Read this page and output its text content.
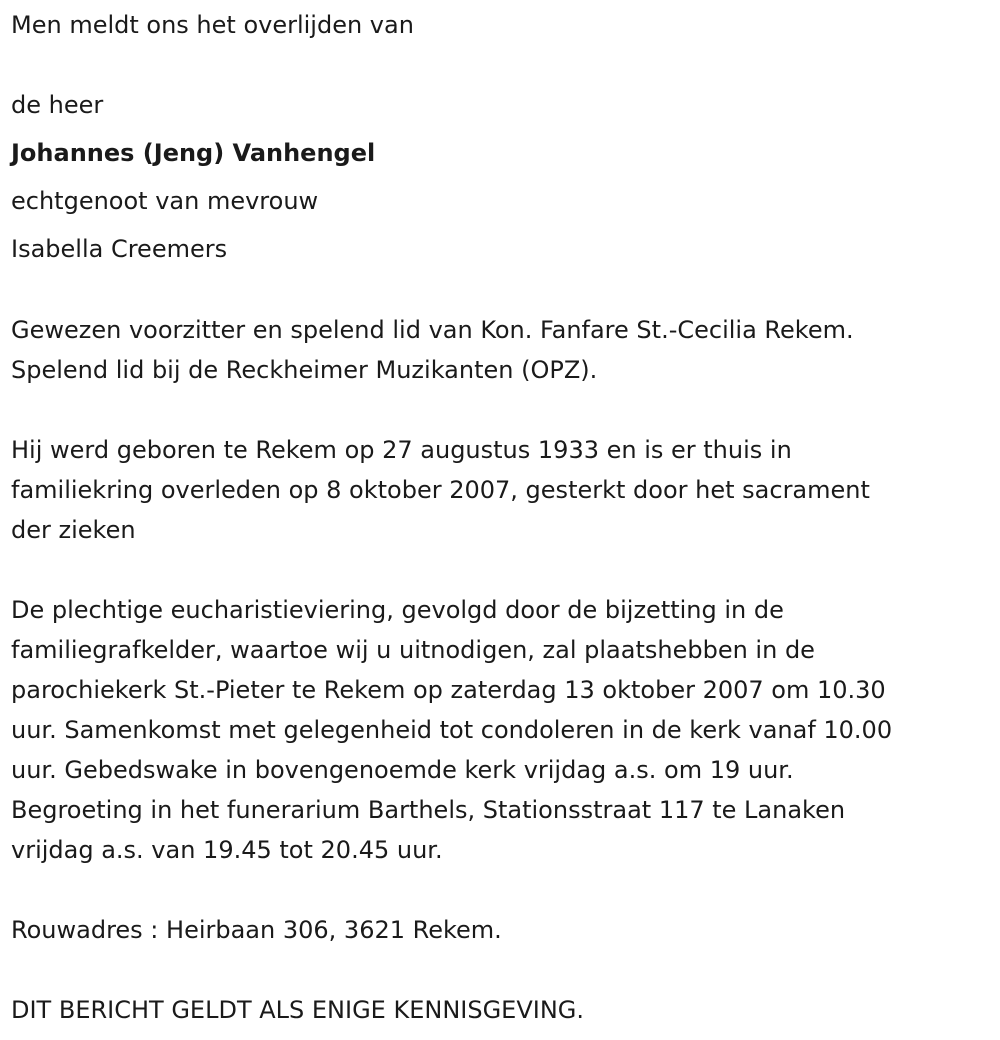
Men meldt ons het overlijden van
de heer
Johannes (Jeng) Vanhengel
echtgenoot van mevrouw
Isabella Creemers
Gewezen voorzitter en spelend lid van Kon. Fanfare St.-Cecilia Rekem.
Spelend lid bij de Reckheimer Muzikanten (OPZ).
Hij werd geboren te Rekem op 27 augustus 1933 en is er thuis in
familiekring overleden op 8 oktober 2007, gesterkt door het sacrament
der zieken
De plechtige eucharistieviering, gevolgd door de bijzetting in de
familiegrafkelder, waartoe wij u uitnodigen, zal plaatshebben in de
parochiekerk St.-Pieter te Rekem op zaterdag 13 oktober 2007 om 10.30
uur. Samenkomst met gelegenheid tot condoleren in de kerk vanaf 10.00
uur. Gebedswake in bovengenoemde kerk vrijdag a.s. om 19 uur.
Begroeting in het funerarium Barthels, Stationsstraat 117 te Lanaken
vrijdag a.s. van 19.45 tot 20.45 uur.
Rouwadres : Heirbaan 306, 3621 Rekem.
DIT BERICHT GELDT ALS ENIGE KENNISGEVING.
